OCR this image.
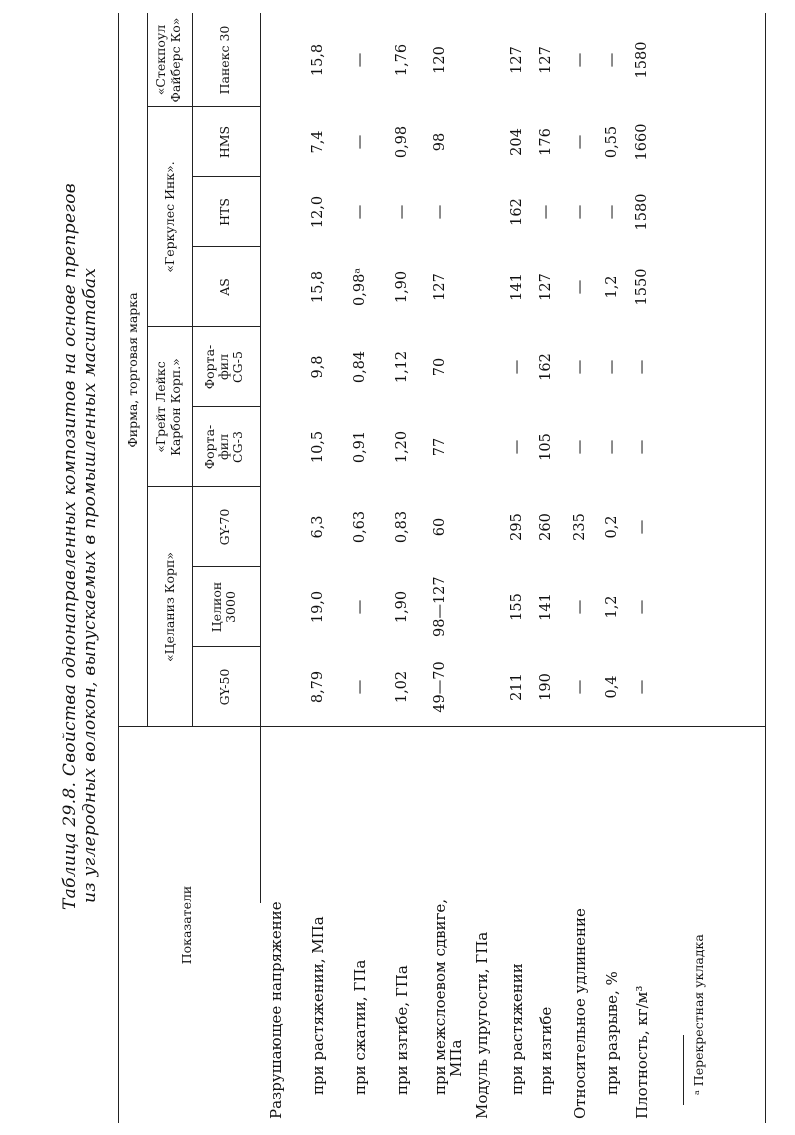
Таблица 29.8. Свойства однонаправленных композитов на основе препрегов из углеродных волокон, выпускаемых в промышленных масштабах
Показатели
Фирма, торговая марка
«Целаниз Корп»
«Грейт Лейкс Карбон Корп.»
«Геркулес Инк».
«Стекпоул Файберс Ко»
GY-50
Целион 3000
GY-70
Форта- фил CG-3
Форта- фил CG-5
AS
HTS
HMS
Панекс 30
Разрушающее напряжение при растяжении, МПа при сжатии, ГПа при изгибе, ГПа при межслоевом сдвиге,
МПа Модуль упругости, ГПа при растяжении при изгибе Относительное удлинение при разрыве, % Плотность, кг/м³
8,79
19,0
6,3
10,5
9,8
15,8
12,0
7,4
15,8
—
—
0,63
0,91
0,84
0,98ᵃ
—
—
—
1,02
1,90
0,83
1,20
1,12
1,90
—
0,98
1,76
49—70
98—127
60
77
70
127
—
98
120
211
155
295
—
—
141
162
204
127
190
141
260
105
162
127
—
176
127
—
—
235
—
—
—
—
—
—
0,4
1,2
0,2
—
—
1,2
—
0,55
—
—
—
—
—
—
1550
1580
1660
1580
ᵃ Перекрестная укладка
